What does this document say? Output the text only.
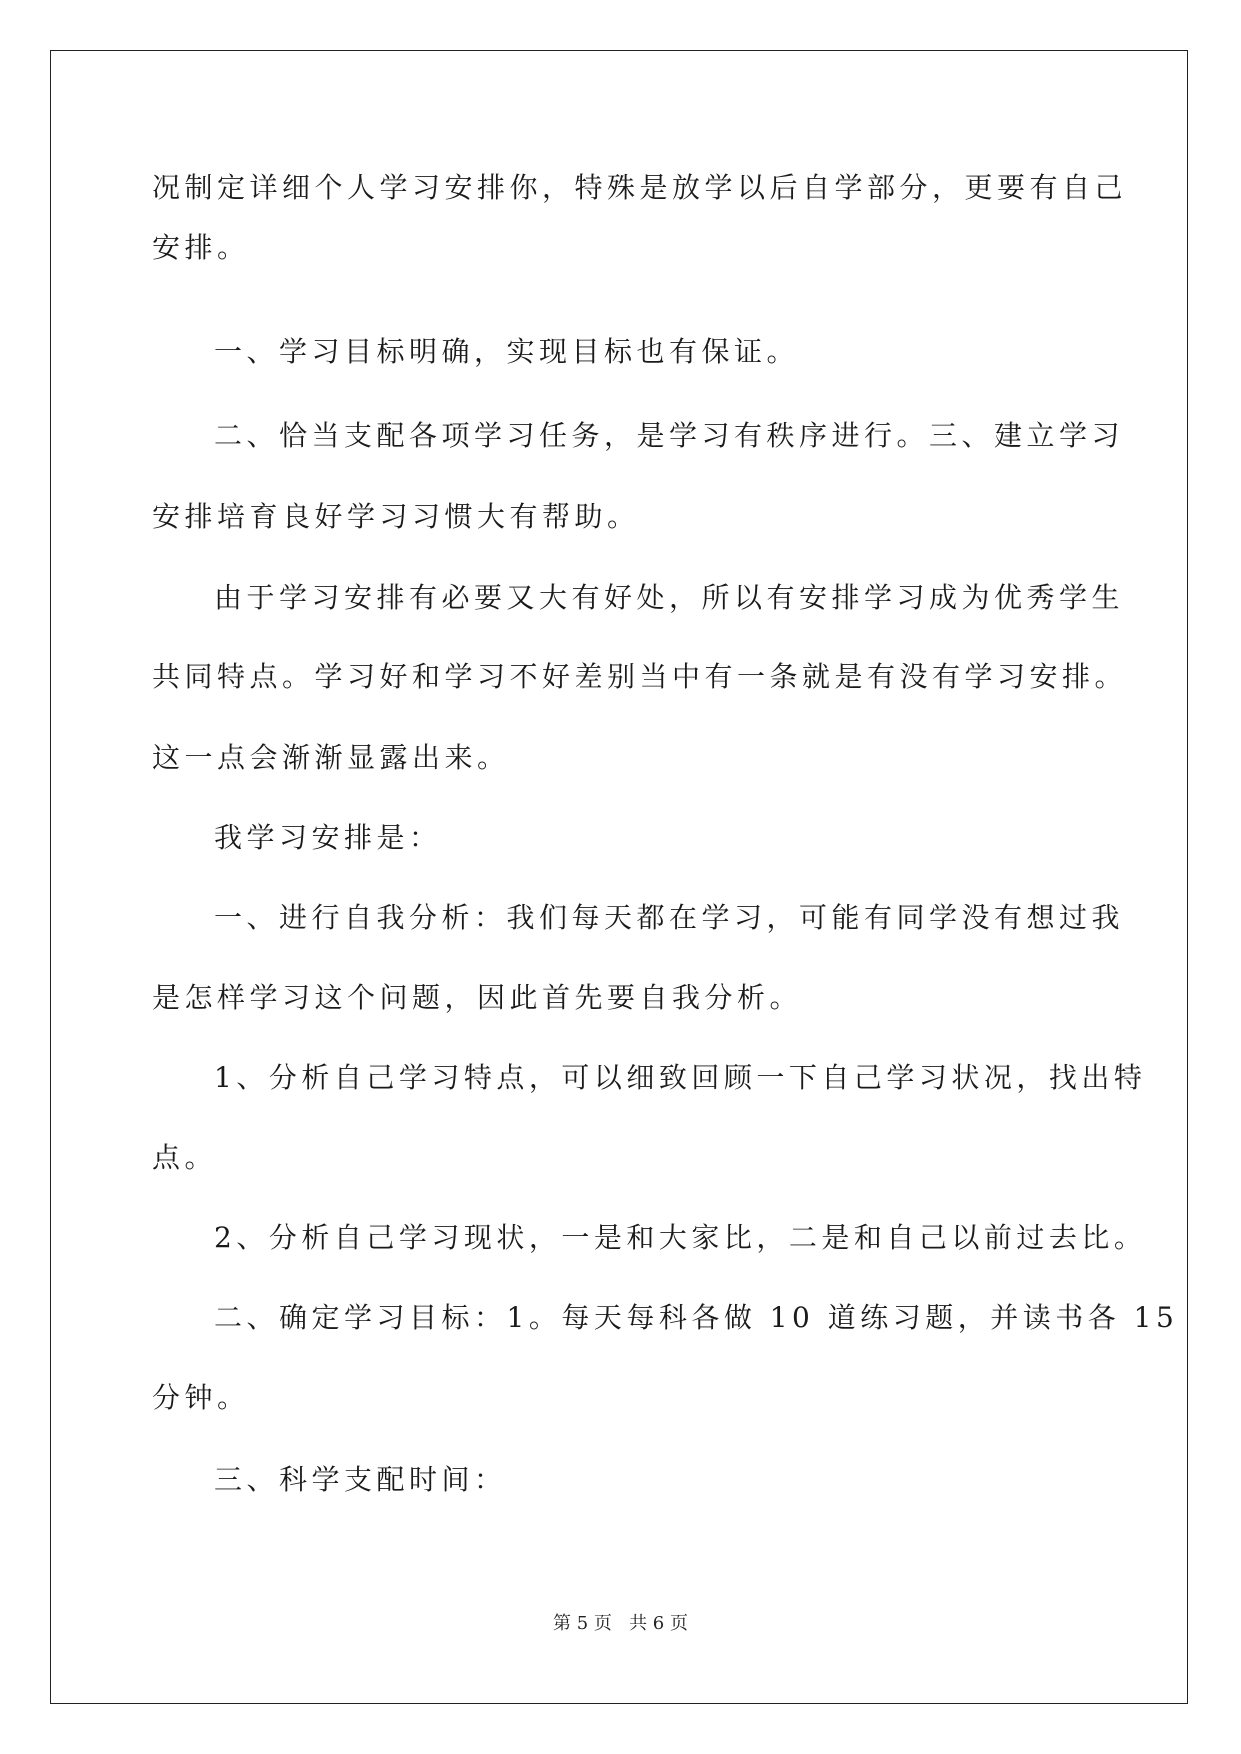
况制定详细个人学习安排你，特殊是放学以后自学部分，更要有自己

安排。

一、学习目标明确，实现目标也有保证。

二、恰当支配各项学习任务，是学习有秩序进行。三、建立学习

安排培育良好学习习惯大有帮助。

由于学习安排有必要又大有好处，所以有安排学习成为优秀学生

共同特点。学习好和学习不好差别当中有一条就是有没有学习安排。

这一点会渐渐显露出来。

我学习安排是：

一、进行自我分析：我们每天都在学习，可能有同学没有想过我

是怎样学习这个问题，因此首先要自我分析。

1、分析自己学习特点，可以细致回顾一下自己学习状况，找出特

点。

2、分析自己学习现状，一是和大家比，二是和自己以前过去比。

二、确定学习目标：1。每天每科各做 10 道练习题，并读书各 15

分钟。

三、科学支配时间：

第 5 页   共 6 页
